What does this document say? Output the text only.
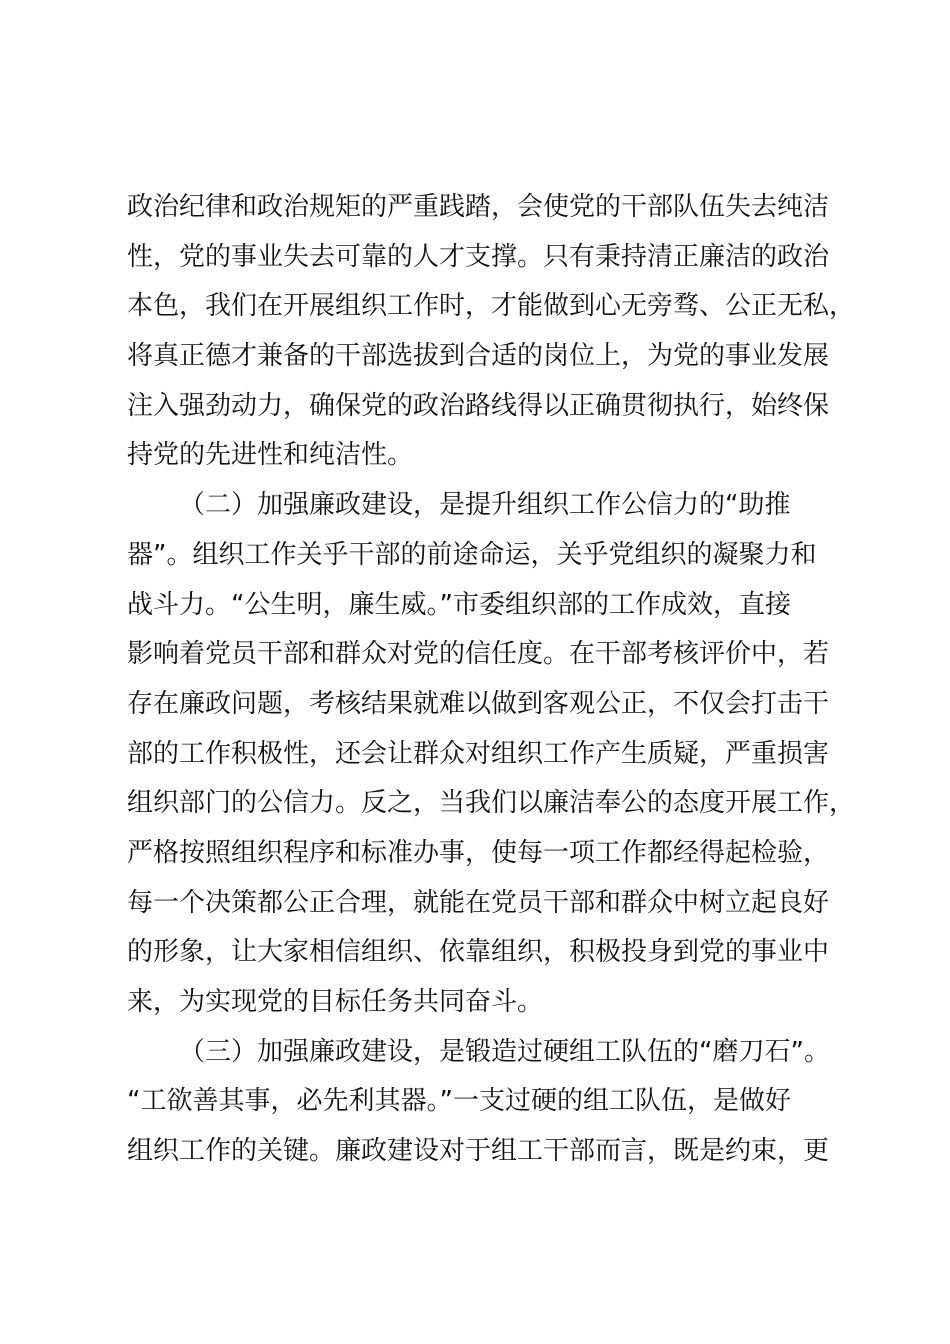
政治纪律和政治规矩的严重践踏，会使党的干部队伍失去纯洁
性，党的事业失去可靠的人才支撑。只有秉持清正廉洁的政治
本色，我们在开展组织工作时，才能做到心无旁骛、公正无私，
将真正德才兼备的干部选拔到合适的岗位上，为党的事业发展
注入强劲动力，确保党的政治路线得以正确贯彻执行，始终保
持党的先进性和纯洁性。
（二）加强廉政建设，是提升组织工作公信力的“助推
器”。组织工作关乎干部的前途命运，关乎党组织的凝聚力和
战斗力。“公生明，廉生威。”市委组织部的工作成效，直接
影响着党员干部和群众对党的信任度。在干部考核评价中，若
存在廉政问题，考核结果就难以做到客观公正，不仅会打击干
部的工作积极性，还会让群众对组织工作产生质疑，严重损害
组织部门的公信力。反之，当我们以廉洁奉公的态度开展工作，
严格按照组织程序和标准办事，使每一项工作都经得起检验，
每一个决策都公正合理，就能在党员干部和群众中树立起良好
的形象，让大家相信组织、依靠组织，积极投身到党的事业中
来，为实现党的目标任务共同奋斗。
（三）加强廉政建设，是锻造过硬组工队伍的“磨刀石”。
“工欲善其事，必先利其器。”一支过硬的组工队伍，是做好
组织工作的关键。廉政建设对于组工干部而言，既是约束，更
